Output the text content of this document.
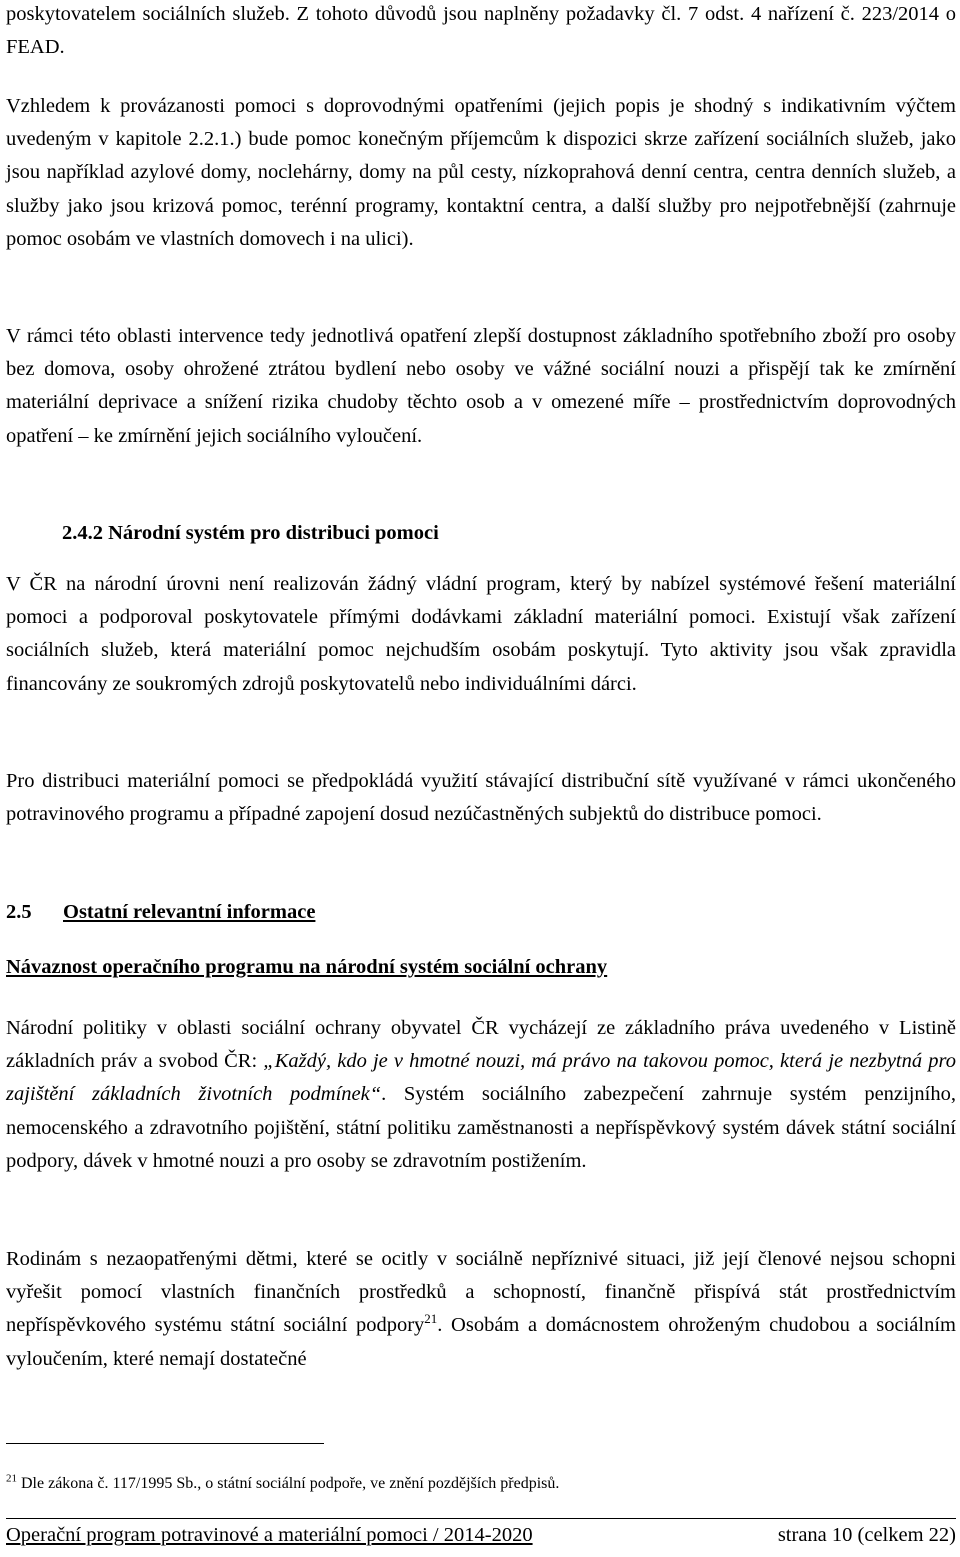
poskytovatelem sociálních služeb. Z tohoto důvodů jsou naplněny požadavky čl. 7 odst. 4 nařízení č. 223/2014 o FEAD.

Vzhledem k provázanosti pomoci s doprovodnými opatřeními (jejich popis je shodný s indikativním výčtem uvedeným v kapitole 2.2.1.) bude pomoc konečným příjemcům k dispozici skrze zařízení sociálních služeb, jako jsou například azylové domy, noclehárny, domy na půl cesty, nízkoprahová denní centra, centra denních služeb, a služby jako jsou krizová pomoc, terénní programy, kontaktní centra, a další služby pro nejpotřebnější (zahrnuje pomoc osobám ve vlastních domovech i na ulici).

V rámci této oblasti intervence tedy jednotlivá opatření zlepší dostupnost základního spotřebního zboží pro osoby bez domova, osoby ohrožené ztrátou bydlení nebo osoby ve vážné sociální nouzi a přispějí tak ke zmírnění materiální deprivace a snížení rizika chudoby těchto osob a v omezené míře – prostřednictvím doprovodných opatření – ke zmírnění jejich sociálního vyloučení.

2.4.2 Národní systém pro distribuci pomoci

V ČR na národní úrovni není realizován žádný vládní program, který by nabízel systémové řešení materiální pomoci a podporoval poskytovatele přímými dodávkami základní materiální pomoci. Existují však zařízení sociálních služeb, která materiální pomoc nejchudším osobám poskytují. Tyto aktivity jsou však zpravidla financovány ze soukromých zdrojů poskytovatelů nebo individuálními dárci.

Pro distribuci materiální pomoci se předpokládá využití stávající distribuční sítě využívané v rámci ukončeného potravinového programu a případné zapojení dosud nezúčastněných subjektů do distribuce pomoci.

2.5 Ostatní relevantní informace

Návaznost operačního programu na národní systém sociální ochrany

Národní politiky v oblasti sociální ochrany obyvatel ČR vycházejí ze základního práva uvedeného v Listině základních práv a svobod ČR: „Každý, kdo je v hmotné nouzi, má právo na takovou pomoc, která je nezbytná pro zajištění základních životních podmínek“. Systém sociálního zabezpečení zahrnuje systém penzijního, nemocenského a zdravotního pojištění, státní politiku zaměstnanosti a nepříspěvkový systém dávek státní sociální podpory, dávek v hmotné nouzi a pro osoby se zdravotním postižením.

Rodinám s nezaopatřenými dětmi, které se ocitly v sociálně nepříznivé situaci, již její členové nejsou schopni vyřešit pomocí vlastních finančních prostředků a schopností, finančně přispívá stát prostřednictvím nepříspěvkového systému státní sociální podpory$^{21}$. Osobám a domácnostem ohroženým chudobou a sociálním vyloučením, které nemají dostatečné

$^{21}$ Dle zákona č. 117/1995 Sb., o státní sociální podpoře, ve znění pozdějších předpisů.
Operační program potravinové a materiální pomoci / 2014-2020	strana 10 (celkem 22)
